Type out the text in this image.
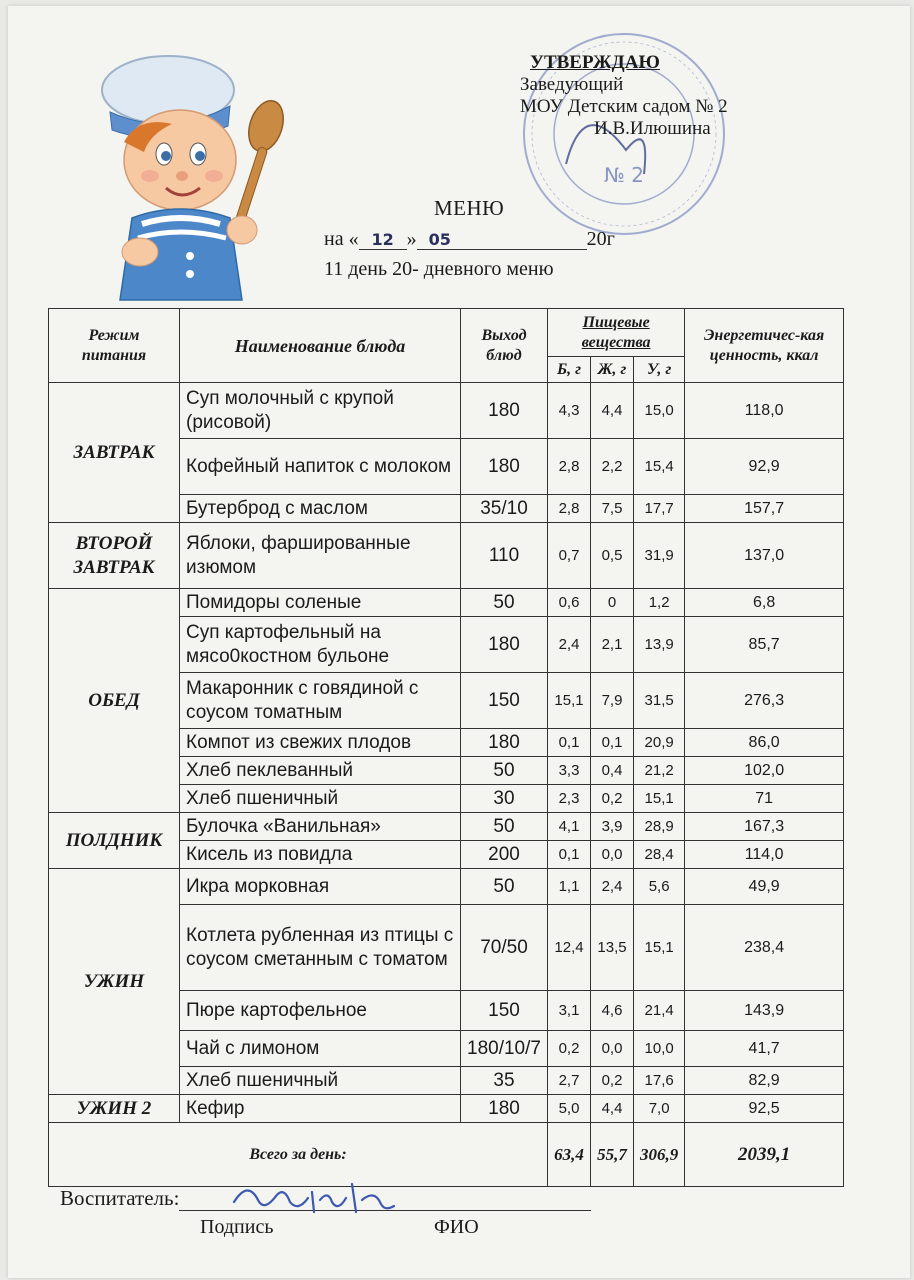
№ 2
УТВЕРЖДАЮ
Заведующий
МОУ Детским садом № 2
И.В.Илюшина
МЕНЮ
на « 12 » 05	20г
11 день 20- дневного меню
Режим питания	Наименование блюда	Выход блюд	Пищевые вещества			Энергетичес-кая ценность, ккал
			Б, г	Ж, г	У, г	
ЗАВТРАК	Суп молочный с крупой (рисовой)	180	4,3	4,4	15,0	118,0
	Кофейный напиток с молоком	180	2,8	2,2	15,4	92,9
	Бутерброд с маслом	35/10	2,8	7,5	17,7	157,7
ВТОРОЙ ЗАВТРАК	Яблоки, фаршированные изюмом	110	0,7	0,5	31,9	137,0
ОБЕД	Помидоры соленые	50	0,6	0	1,2	6,8
	Суп картофельный на мясо0костном бульоне	180	2,4	2,1	13,9	85,7
	Макаронник с говядиной с соусом томатным	150	15,1	7,9	31,5	276,3
	Компот из свежих плодов	180	0,1	0,1	20,9	86,0
	Хлеб пеклеванный	50	3,3	0,4	21,2	102,0
	Хлеб пшеничный	30	2,3	0,2	15,1	71
ПОЛДНИК	Булочка «Ванильная»	50	4,1	3,9	28,9	167,3
	Кисель из повидла	200	0,1	0,0	28,4	114,0
УЖИН	Икра морковная	50	1,1	2,4	5,6	49,9
	Котлета рубленная из птицы с соусом сметанным с томатом	70/50	12,4	13,5	15,1	238,4
	Пюре картофельное	150	3,1	4,6	21,4	143,9
	Чай с лимоном	180/10/7	0,2	0,0	10,0	41,7
	Хлеб пшеничный	35	2,7	0,2	17,6	82,9
УЖИН 2	Кефир	180	5,0	4,4	7,0	92,5
Всего за день:			63,4	55,7	306,9	2039,1
Воспитатель:
Подпись	ФИО
